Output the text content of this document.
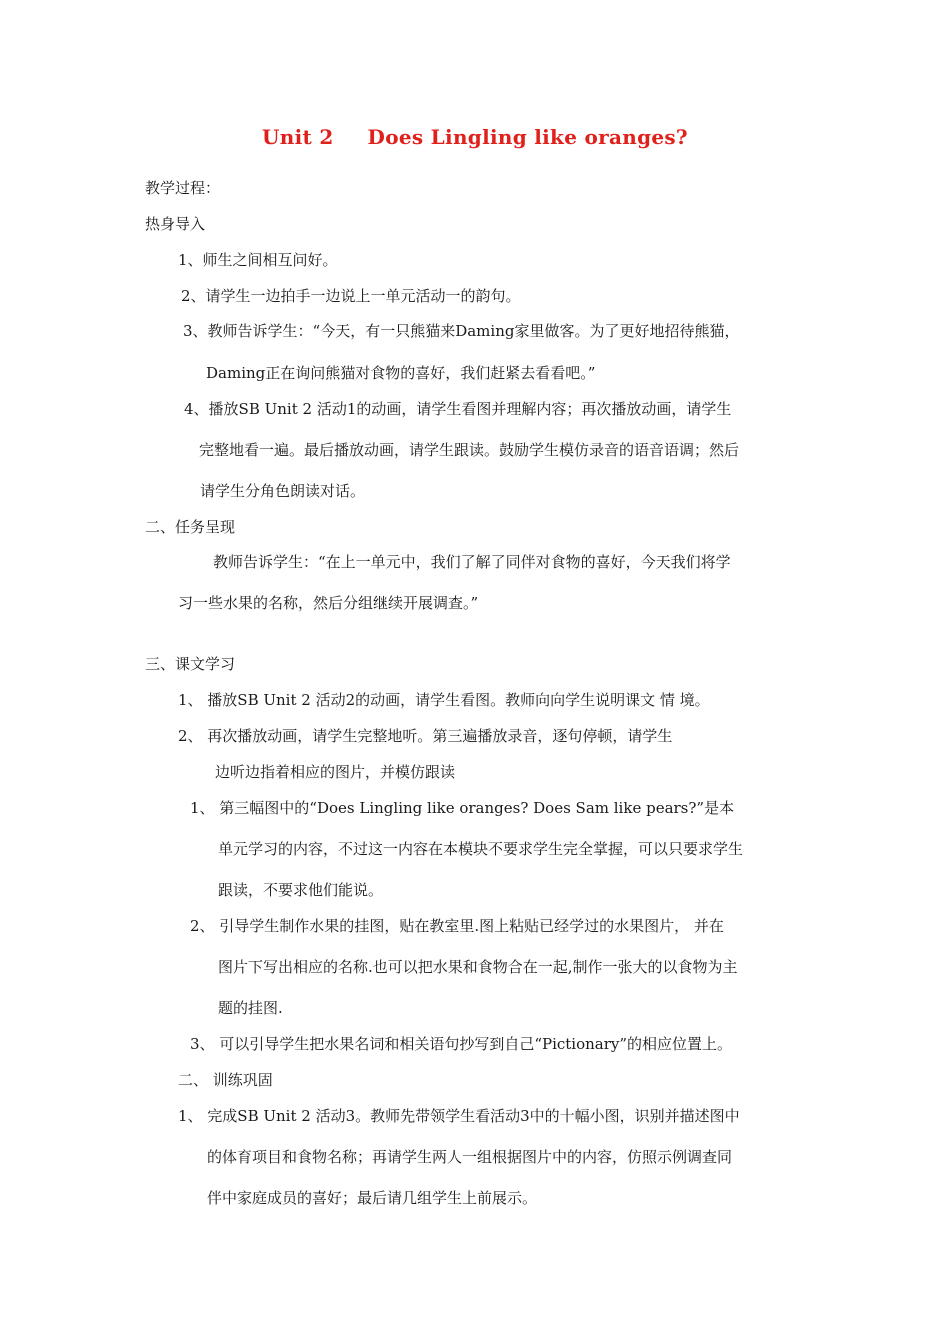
Unit 2 Does Lingling like oranges?
教学过程：
热身导入
1、师生之间相互问好。
2、请学生一边拍手一边说上一单元活动一的韵句。
3、教师告诉学生：“今天，有一只熊猫来Daming家里做客。为了更好地招待熊猫，
Daming正在询问熊猫对食物的喜好，我们赶紧去看看吧。”
4、播放SB Unit 2 活动1的动画，请学生看图并理解内容；再次播放动画，请学生
完整地看一遍。最后播放动画，请学生跟读。鼓励学生模仿录音的语音语调；然后
请学生分角色朗读对话。
二、任务呈现
教师告诉学生：“在上一单元中，我们了解了同伴对食物的喜好，今天我们将学
习一些水果的名称，然后分组继续开展调查。”
三、课文学习
1、 播放SB Unit 2 活动2的动画，请学生看图。教师向向学生说明课文 情 境。
2、 再次播放动画，请学生完整地听。第三遍播放录音，逐句停顿，请学生
边听边指着相应的图片，并模仿跟读
1、 第三幅图中的“Does Lingling like oranges? Does Sam like pears?”是本
单元学习的内容，不过这一内容在本模块不要求学生完全掌握，可以只要求学生
跟读，不要求他们能说。
2、 引导学生制作水果的挂图，贴在教室里.图上粘贴已经学过的水果图片， 并在
图片下写出相应的名称.也可以把水果和食物合在一起,制作一张大的以食物为主
题的挂图.
3、 可以引导学生把水果名词和相关语句抄写到自己“Pictionary”的相应位置上。
二、 训练巩固
1、 完成SB Unit 2 活动3。教师先带领学生看活动3中的十幅小图，识别并描述图中
的体育项目和食物名称；再请学生两人一组根据图片中的内容，仿照示例调查同
伴中家庭成员的喜好；最后请几组学生上前展示。
